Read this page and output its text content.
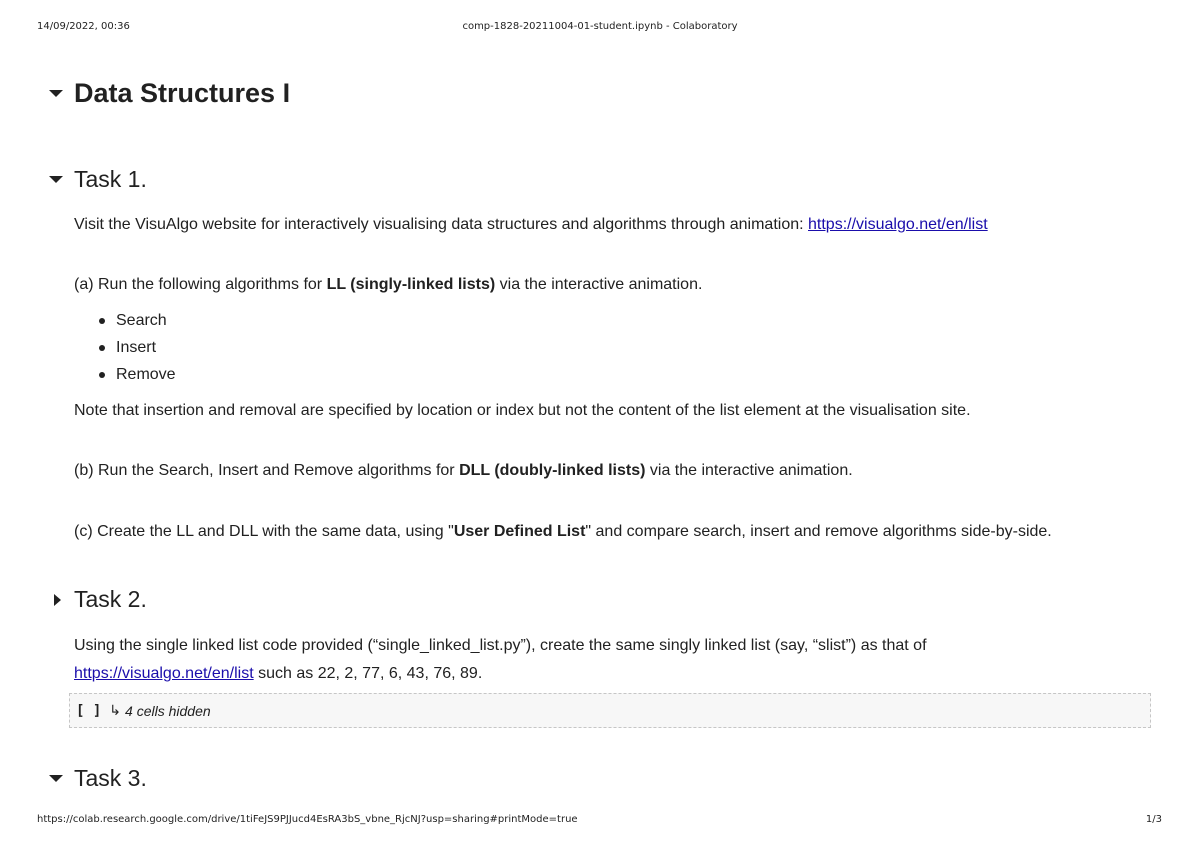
comp-1828-20211004-01-student.ipynb - Colaboratory
14/09/2022, 00:36
Data Structures I
Task 1.
Visit the VisuAlgo website for interactively visualising data structures and algorithms through animation: https://visualgo.net/en/list
(a) Run the following algorithms for LL (singly-linked lists) via the interactive animation.
Search
Insert
Remove
Note that insertion and removal are specified by location or index but not the content of the list element at the visualisation site.
(b) Run the Search, Insert and Remove algorithms for DLL (doubly-linked lists) via the interactive animation.
(c) Create the LL and DLL with the same data, using "User Defined List" and compare search, insert and remove algorithms side-by-side.
Task 2.
Using the single linked list code provided (“single_linked_list.py”), create the same singly linked list (say, “slist”) as that of
https://visualgo.net/en/list such as 22, 2, 77, 6, 43, 76, 89.
[ ] ↳ 4 cells hidden
Task 3.
https://colab.research.google.com/drive/1tiFeJS9PJJucd4EsRA3bS_vbne_RjcNJ?usp=sharing#printMode=true	1/3
